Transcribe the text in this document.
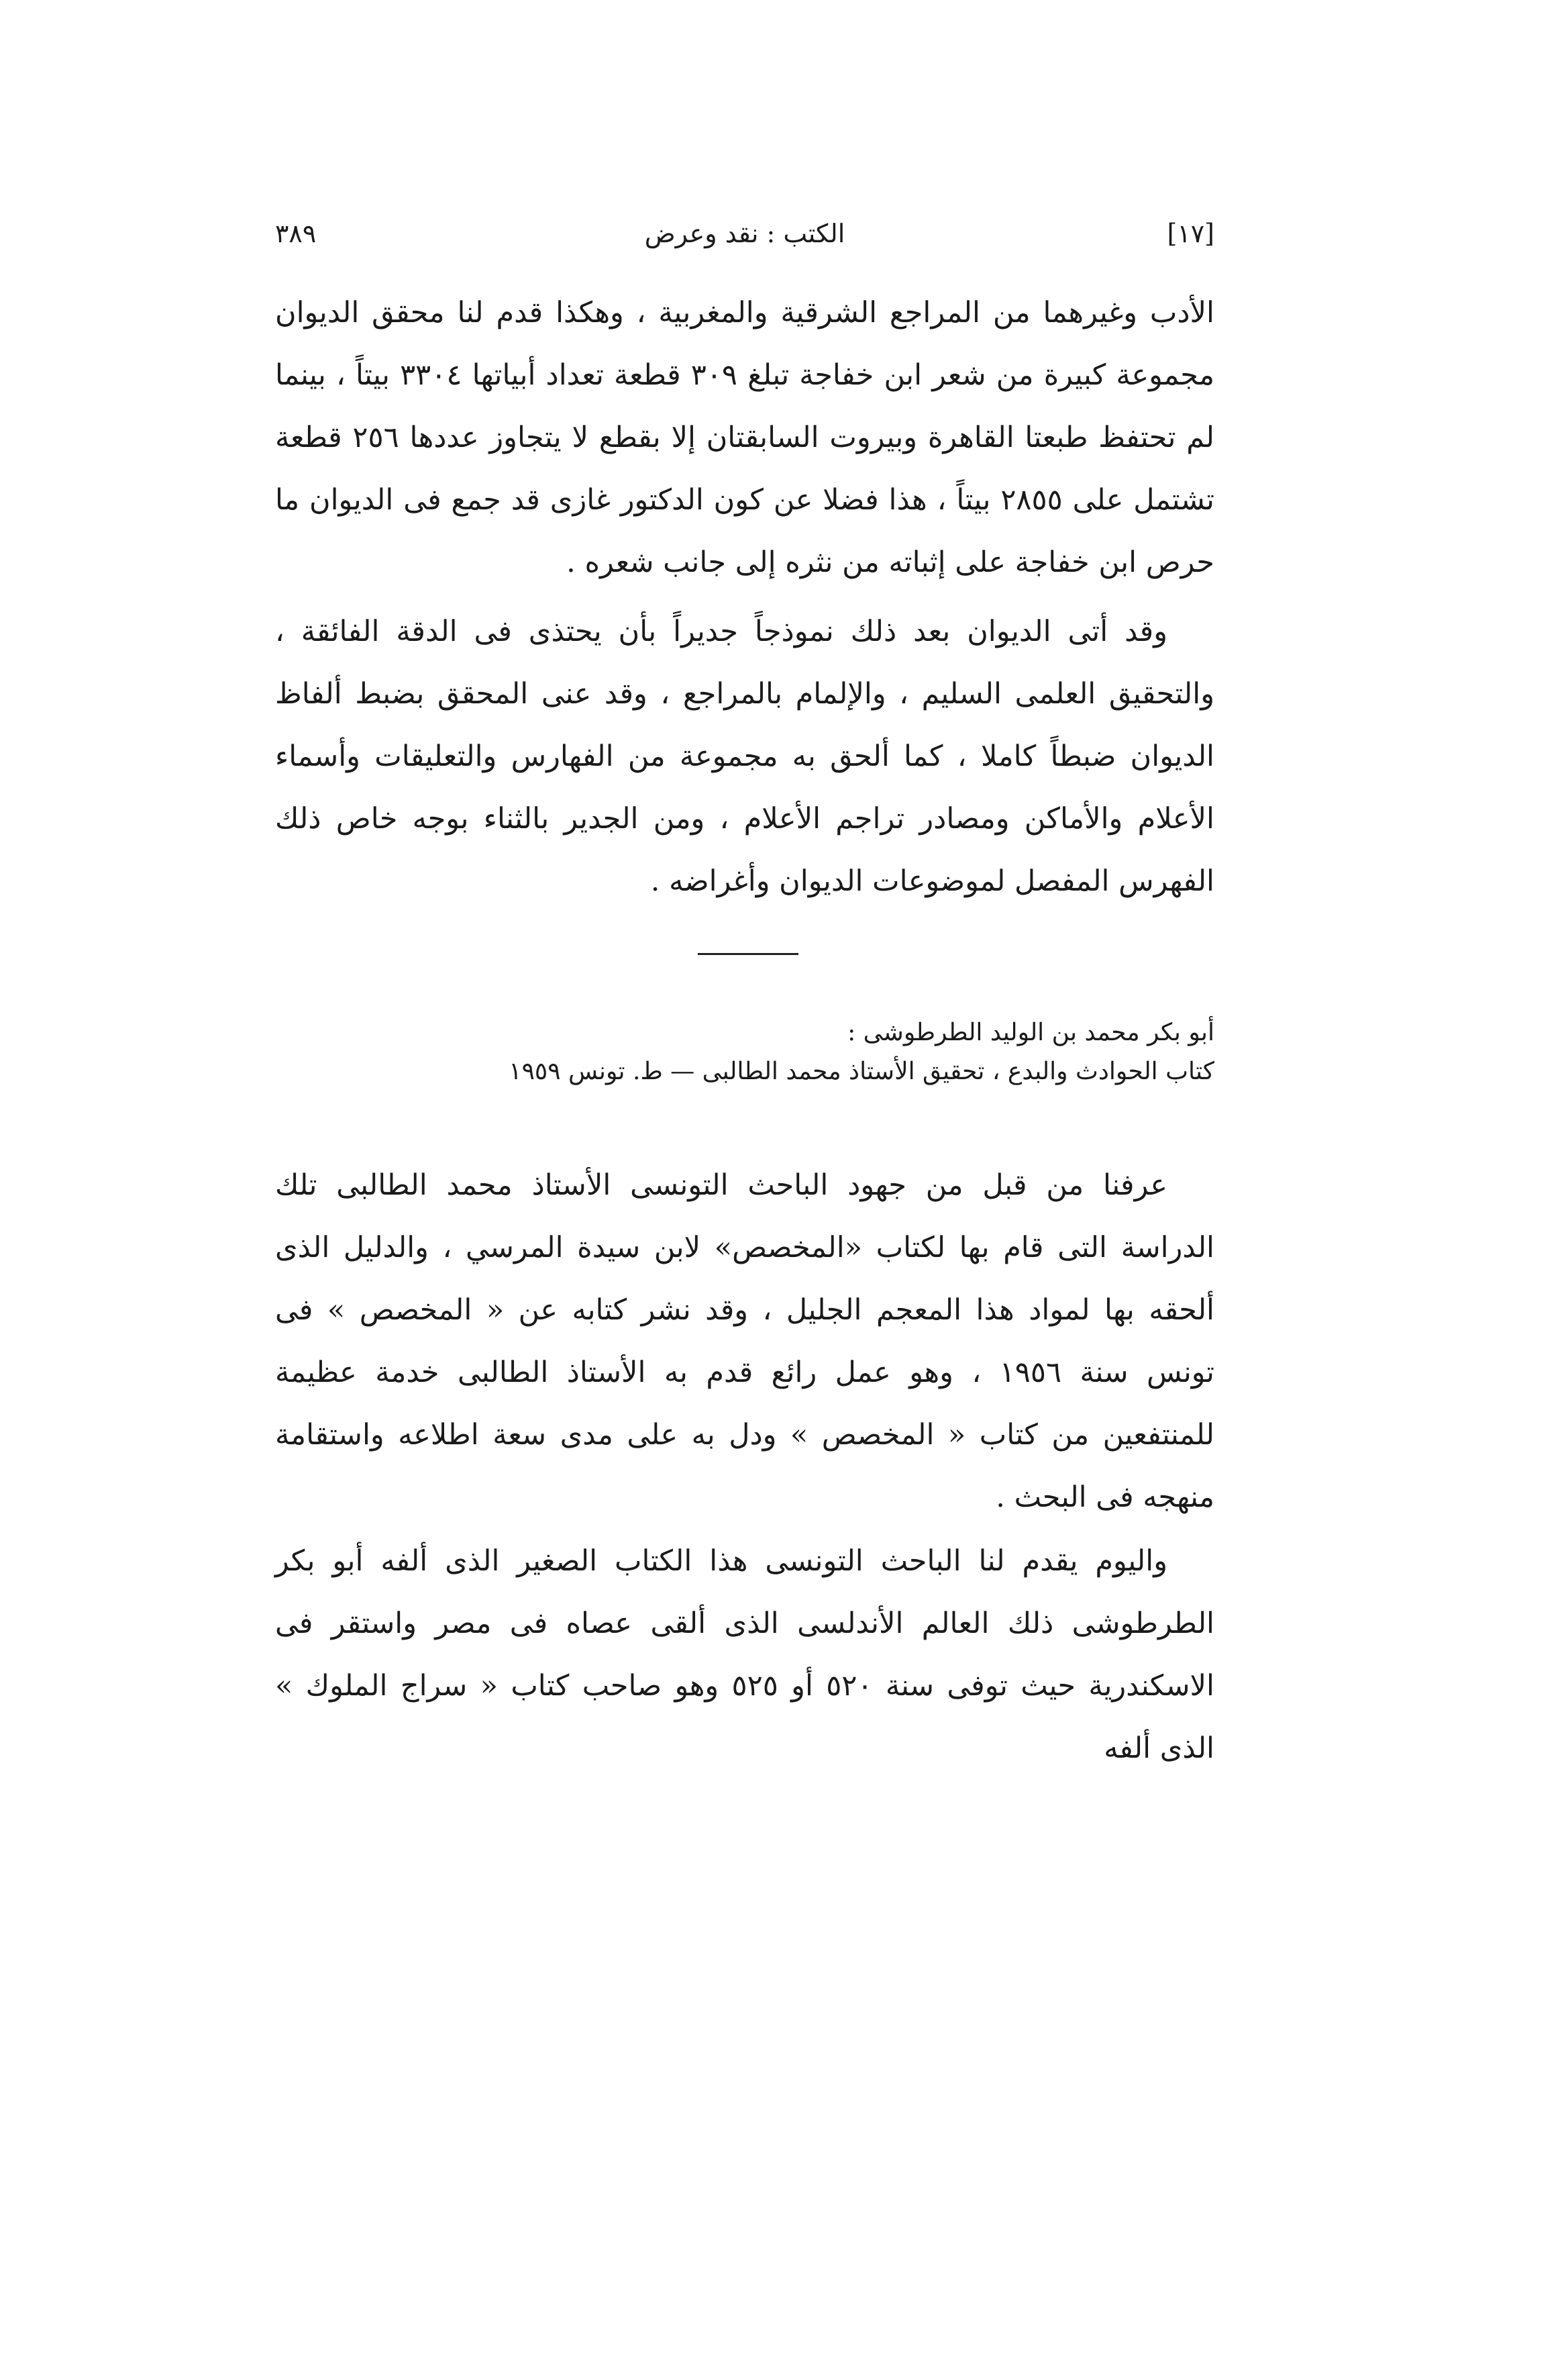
[١٧]
الكتب : نقد وعرض
٣٨٩

الأدب وغيرهما من المراجع الشرقية والمغربية ، وهكذا قدم لنا محقق الديوان مجموعة كبيرة من شعر ابن خفاجة تبلغ ٣٠٩ قطعة تعداد أبياتها ٣٣٠٤ بيتاً ، بينما لم تحتفظ طبعتا القاهرة وبيروت السابقتان إلا بقطع لا يتجاوز عددها ٢٥٦ قطعة تشتمل على ٢٨٥٥ بيتاً ، هذا فضلا عن كون الدكتور غازى قد جمع فى الديوان ما حرص ابن خفاجة على إثباته من نثره إلى جانب شعره .

وقد أتى الديوان بعد ذلك نموذجاً جديراً بأن يحتذى فى الدقة الفائقة ، والتحقيق العلمى السليم ، والإلمام بالمراجع ، وقد عنى المحقق بضبط ألفاظ الديوان ضبطاً كاملا ، كما ألحق به مجموعة من الفهارس والتعليقات وأسماء الأعلام والأماكن ومصادر تراجم الأعلام ، ومن الجدير بالثناء بوجه خاص ذلك الفهرس المفصل لموضوعات الديوان وأغراضه .

أبو بكر محمد بن الوليد الطرطوشى :
كتاب الحوادث والبدع ، تحقيق الأستاذ محمد الطالبى — ط. تونس ١٩٥٩

عرفنا من قبل من جهود الباحث التونسى الأستاذ محمد الطالبى تلك الدراسة التى قام بها لكتاب «المخصص» لابن سيدة المرسي ، والدليل الذى ألحقه بها لمواد هذا المعجم الجليل ، وقد نشر كتابه عن « المخصص » فى تونس سنة ١٩٥٦ ، وهو عمل رائع قدم به الأستاذ الطالبى خدمة عظيمة للمنتفعين من كتاب « المخصص » ودل به على مدى سعة اطلاعه واستقامة منهجه فى البحث .

واليوم يقدم لنا الباحث التونسى هذا الكتاب الصغير الذى ألفه أبو بكر الطرطوشى ذلك العالم الأندلسى الذى ألقى عصاه فى مصر واستقر فى الاسكندرية حيث توفى سنة ٥٢٠ أو ٥٢٥ وهو صاحب كتاب « سراج الملوك » الذى ألفه
